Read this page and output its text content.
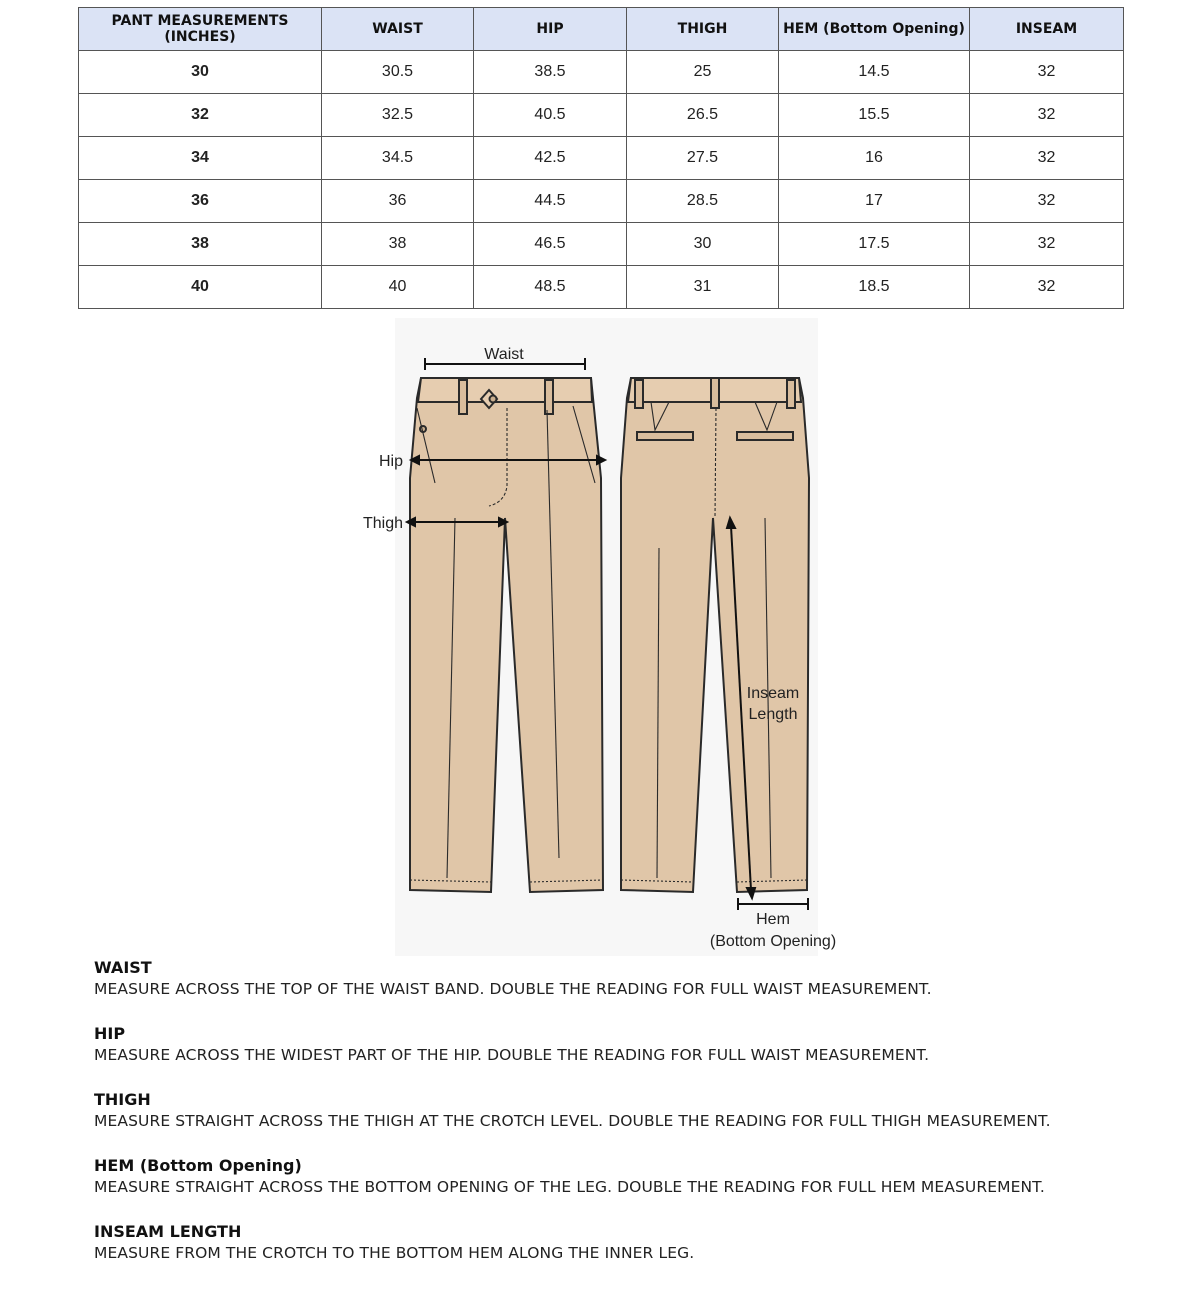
PANT MEASUREMENTS (INCHES)	WAIST	HIP	THIGH	HEM (Bottom Opening)	INSEAM
30	30.5	38.5	25	14.5	32
32	32.5	40.5	26.5	15.5	32
34	34.5	42.5	27.5	16	32
36	36	44.5	28.5	17	32
38	38	46.5	30	17.5	32
40	40	48.5	31	18.5	32
Waist
Hip
Thigh
Inseam
Length
Hem
(Bottom Opening)
WAIST
MEASURE ACROSS THE TOP OF THE WAIST BAND. DOUBLE THE READING FOR FULL WAIST MEASUREMENT.
HIP
MEASURE ACROSS THE WIDEST PART OF THE HIP. DOUBLE THE READING FOR FULL WAIST MEASUREMENT.
THIGH
MEASURE STRAIGHT ACROSS THE THIGH AT THE CROTCH LEVEL. DOUBLE THE READING FOR FULL THIGH MEASUREMENT.
HEM (Bottom Opening)
MEASURE STRAIGHT ACROSS THE BOTTOM OPENING OF THE LEG. DOUBLE THE READING FOR FULL HEM MEASUREMENT.
INSEAM LENGTH
MEASURE FROM THE CROTCH TO THE BOTTOM HEM ALONG THE INNER LEG.
